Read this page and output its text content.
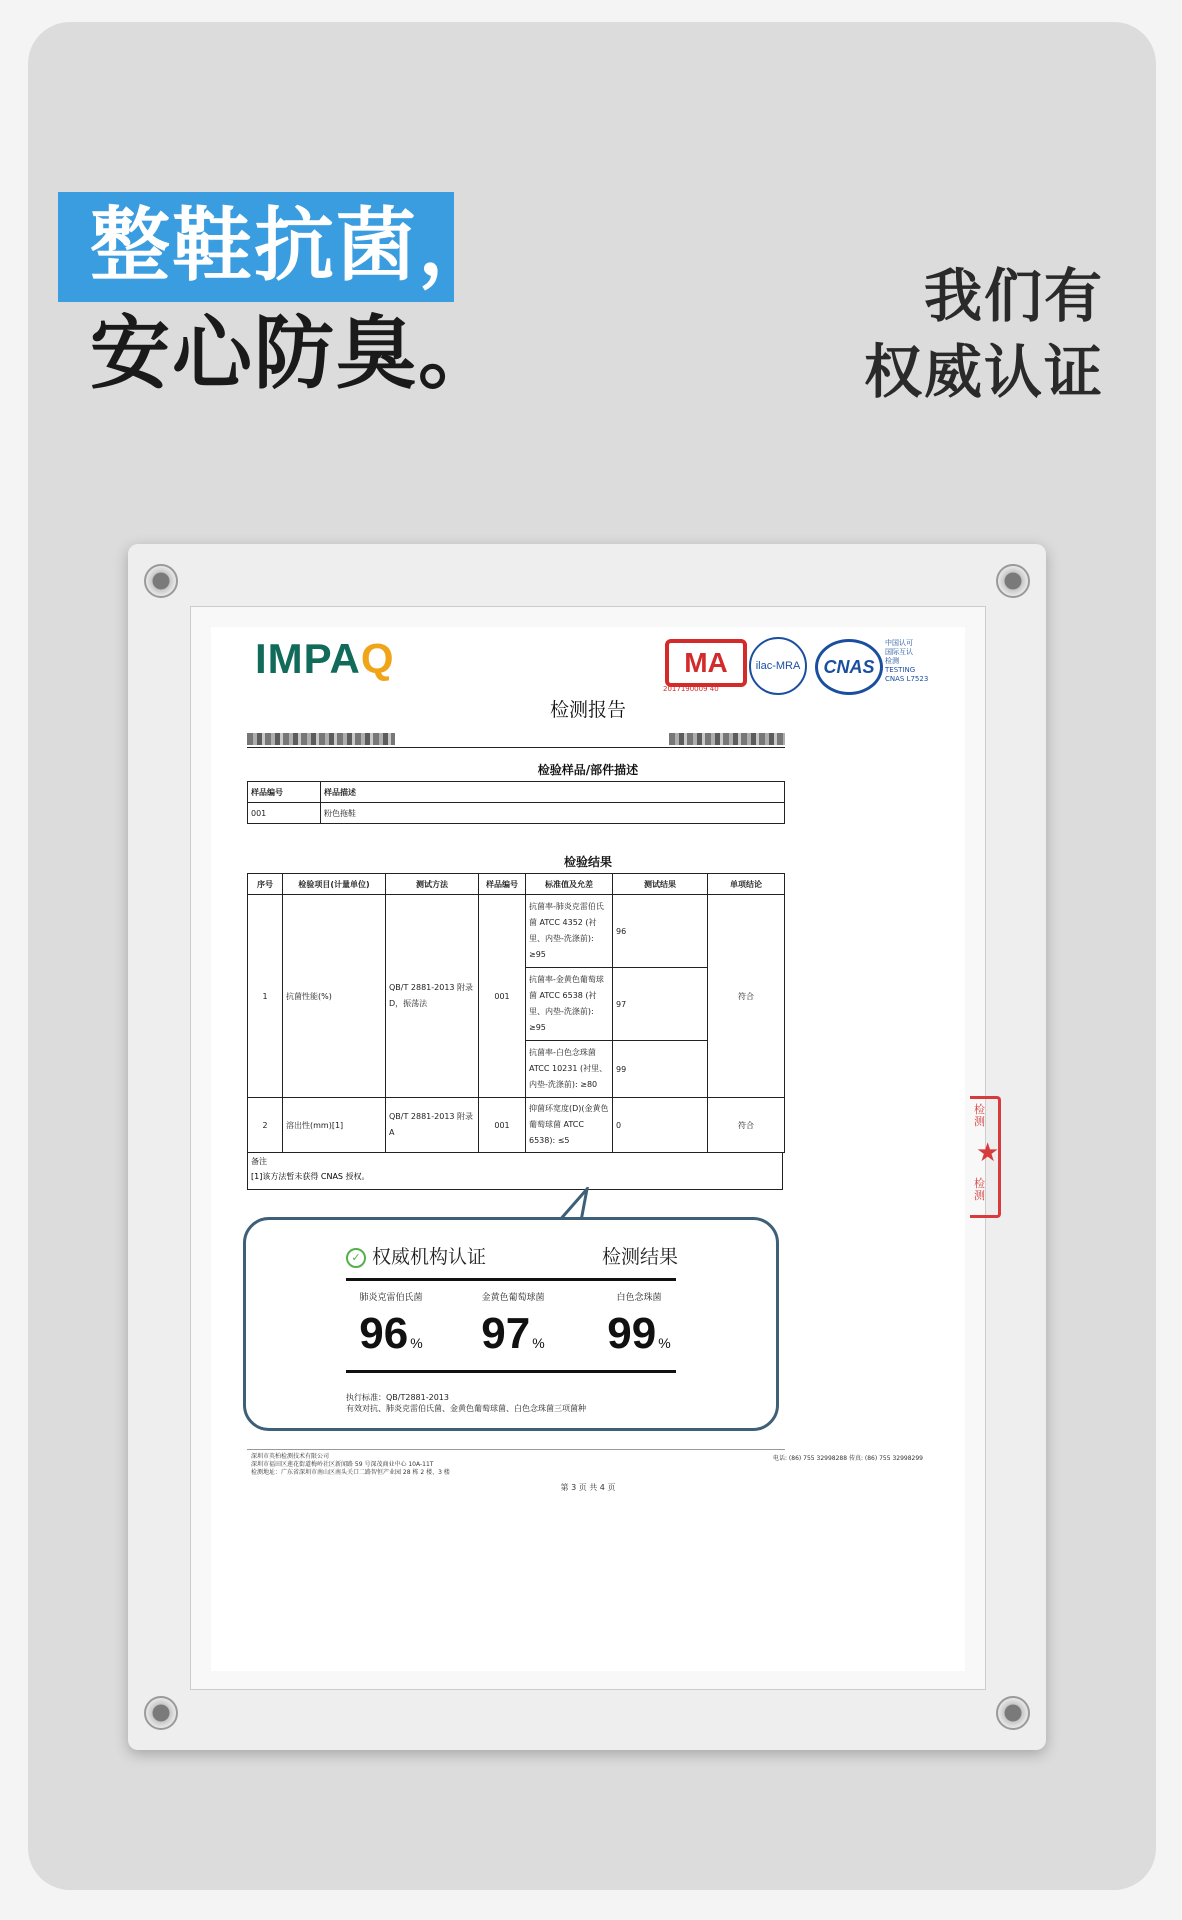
整鞋抗菌，
安心防臭。
我们有
权威认证
IMPAQ	MA
2017190009 40
ilac-MRA	CNAS
中国认可
国际互认
检测
TESTING
CNAS L7523
检测报告
检验样品/部件描述
样品编号	样品描述
001	粉色拖鞋
检验结果
序号	检验项目(计量单位)	测试方法	样品编号	标准值及允差	测试结果	单项结论
1	抗菌性能(%)	QB/T 2881-2013 附录D，振荡法	001	抗菌率-肺炎克雷伯氏菌 ATCC 4352 (衬里、内垫-洗涤前): ≥95	96	符合
				抗菌率-金黄色葡萄球菌 ATCC 6538 (衬里、内垫-洗涤前): ≥95	97	
				抗菌率-白色念珠菌 ATCC 10231 (衬里、内垫-洗涤前): ≥80	99	
2	溶出性(mm)[1]	QB/T 2881-2013 附录A	001	抑菌环宽度(D)(金黄色葡萄球菌 ATCC 6538): ≤5	0	符合
备注
[1]该方法暂未获得 CNAS 授权。
✓ 权威机构认证	检测结果
肺炎克雷伯氏菌
96 %
金黄色葡萄球菌
97 %
白色念珠菌
99 %
执行标准：QB/T2881-2013
有效对抗、肺炎克雷伯氏菌、金黄色葡萄球菌、白色念珠菌三项菌种
深圳市英柏检测技术有限公司
深圳市福田区莲花街道梅岭社区新闻路 59 号深茂商业中心 10A-11T
检测地址：广东省深圳市南山区南头关口二路智恒产业园 28 栋 2 楼、3 楼
电话: (86) 755 32998288 传真: (86) 755 32998299
第 3 页 共 4 页
检测
★
检测
